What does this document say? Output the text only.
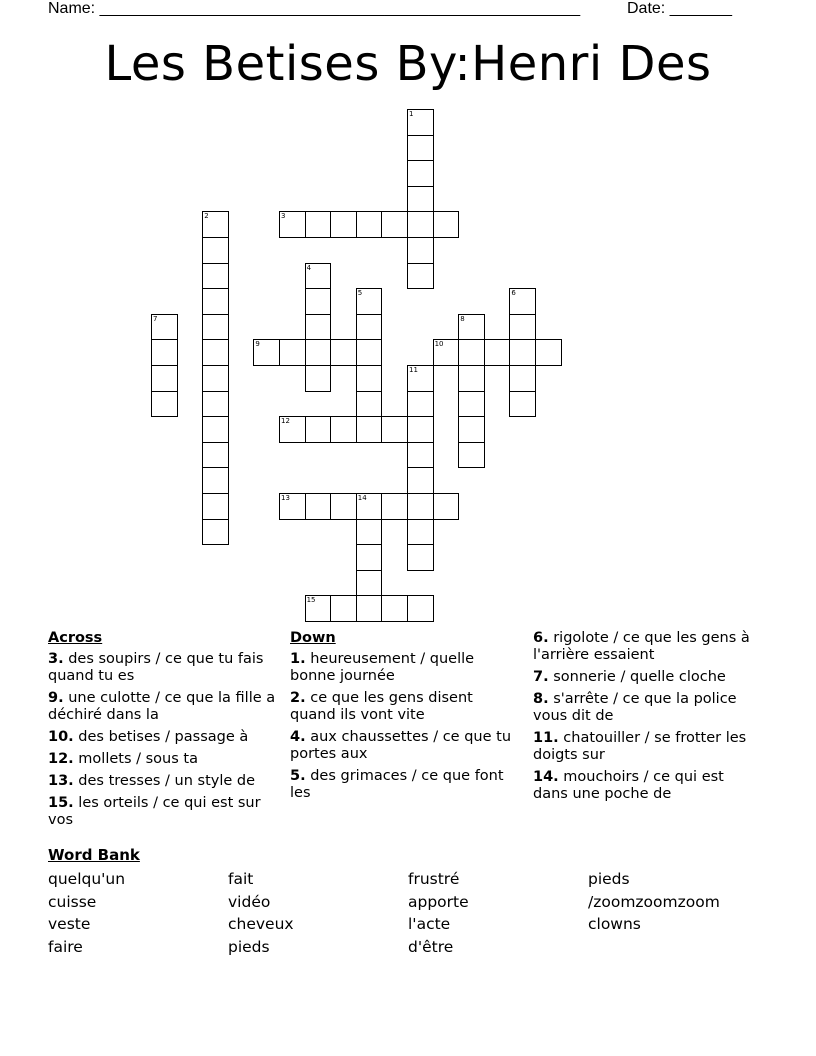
Name: ______________________________________________________	Date: _______
Les Betises By:Henri Des
1
2	3
4
5	6
7	8
9	10
11
12
13	14
15
Across
3. des soupirs / ce que tu fais quand tu es
9. une culotte / ce que la fille a déchiré dans la
10. des betises / passage à
12. mollets / sous ta
13. des tresses / un style de
15. les orteils / ce qui est sur vos
Down
1. heureusement / quelle bonne journée
2. ce que les gens disent quand ils vont vite
4. aux chaussettes / ce que tu portes aux
5. des grimaces / ce que font les
6. rigolote / ce que les gens à l'arrière essaient
7. sonnerie / quelle cloche
8. s'arrête / ce que la police vous dit de
11. chatouiller / se frotter les doigts sur
14. mouchoirs / ce qui est dans une poche de
Word Bank
quelqu'un
cuisse
veste
faire
fait
vidéo
cheveux
pieds
frustré
apporte
l'acte
d'être
pieds
/zoomzoomzoom
clowns
